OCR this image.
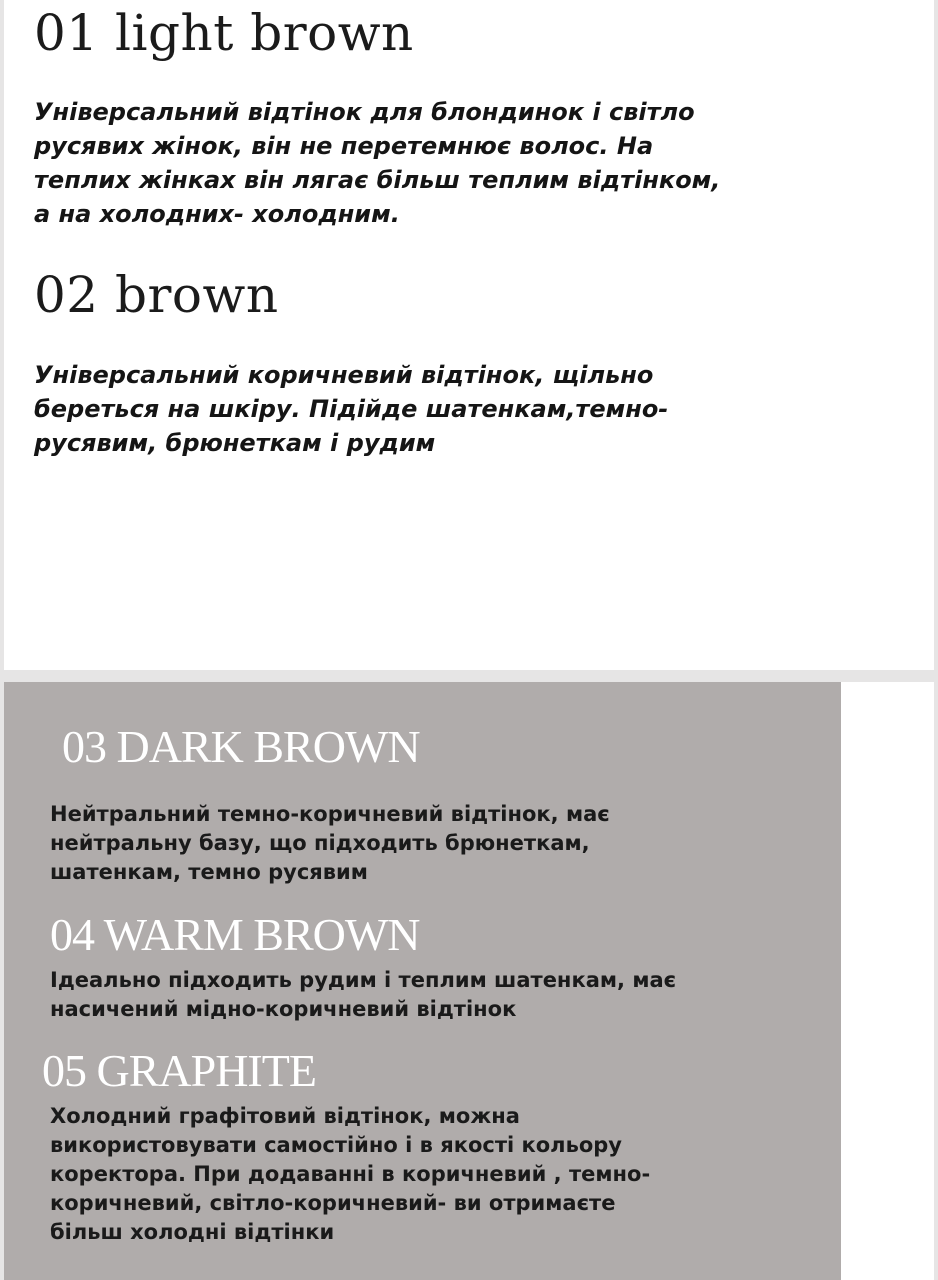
01 light brown

Універсальний відтінок для блондинок і світло
русявих жінок, він не перетемнює волос. На
теплих жінках він лягає більш теплим відтінком,
а на холодних- холодним.

02 brown

Універсальний коричневий відтінок, щільно
береться на шкіру. Підійде шатенкам,темно-
русявим, брюнеткам і рудим

03 DARK BROWN

Нейтральний темно-коричневий відтінок, має
нейтральну базу, що підходить брюнеткам,
шатенкам, темно русявим

04 WARM BROWN

Ідеально підходить рудим і теплим шатенкам, має
насичений мідно-коричневий відтінок

05 GRAPHITE

Холодний графітовий відтінок, можна
використовувати самостійно і в якості кольору
коректора. При додаванні в коричневий , темно-
коричневий, світло-коричневий- ви отримаєте
більш холодні відтінки
